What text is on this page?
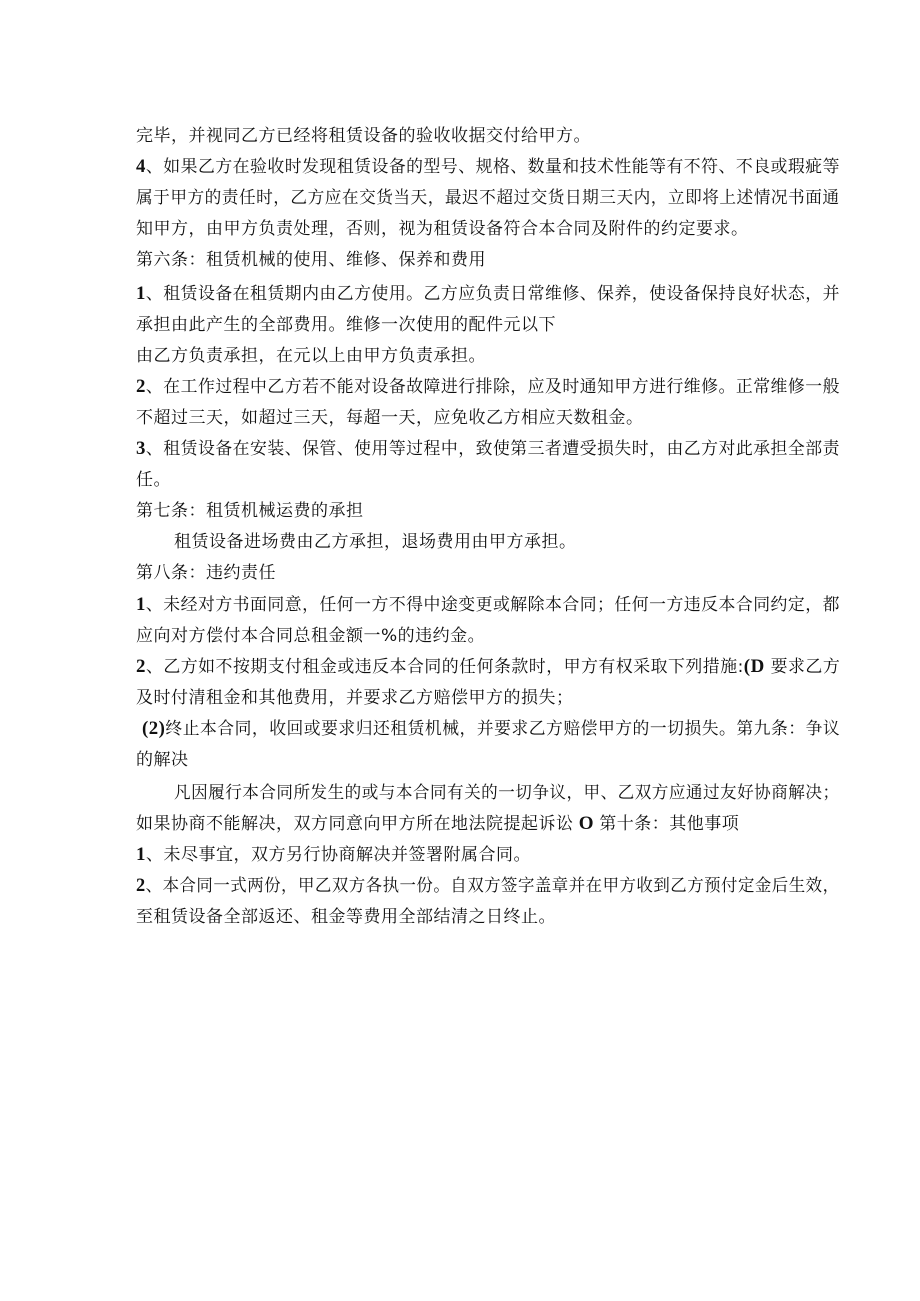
完毕，并视同乙方已经将租赁设备的验收收据交付给甲方。
4、如果乙方在验收时发现租赁设备的型号、规格、数量和技术性能等有不符、不良或瑕疵等
属于甲方的责任时，乙方应在交货当天，最迟不超过交货日期三天内，立即将上述情况书面通
知甲方，由甲方负责处理，否则，视为租赁设备符合本合同及附件的约定要求。
第六条：租赁机械的使用、维修、保养和费用
1、租赁设备在租赁期内由乙方使用。乙方应负责日常维修、保养，使设备保持良好状态，并
承担由此产生的全部费用。维修一次使用的配件元以下
由乙方负责承担，在元以上由甲方负责承担。
2、在工作过程中乙方若不能对设备故障进行排除，应及时通知甲方进行维修。正常维修一般
不超过三天，如超过三天，每超一天，应免收乙方相应天数租金。
3、租赁设备在安装、保管、使用等过程中，致使第三者遭受损失时，由乙方对此承担全部责
任。
第七条：租赁机械运费的承担
租赁设备进场费由乙方承担，退场费用由甲方承担。
第八条：违约责任
1、未经对方书面同意，任何一方不得中途变更或解除本合同；任何一方违反本合同约定，都
应向对方偿付本合同总租金额一%的违约金。
2、乙方如不按期支付租金或违反本合同的任何条款时，甲方有权采取下列措施:(D 要求乙方
及时付清租金和其他费用，并要求乙方赔偿甲方的损失；
(2)终止本合同，收回或要求归还租赁机械，并要求乙方赔偿甲方的一切损失。第九条：争议
的解决
凡因履行本合同所发生的或与本合同有关的一切争议，甲、乙双方应通过友好协商解决；
如果协商不能解决，双方同意向甲方所在地法院提起诉讼 O 第十条：其他事项
1、未尽事宜，双方另行协商解决并签署附属合同。
2、本合同一式两份，甲乙双方各执一份。自双方签字盖章并在甲方收到乙方预付定金后生效，
至租赁设备全部返还、租金等费用全部结清之日终止。
